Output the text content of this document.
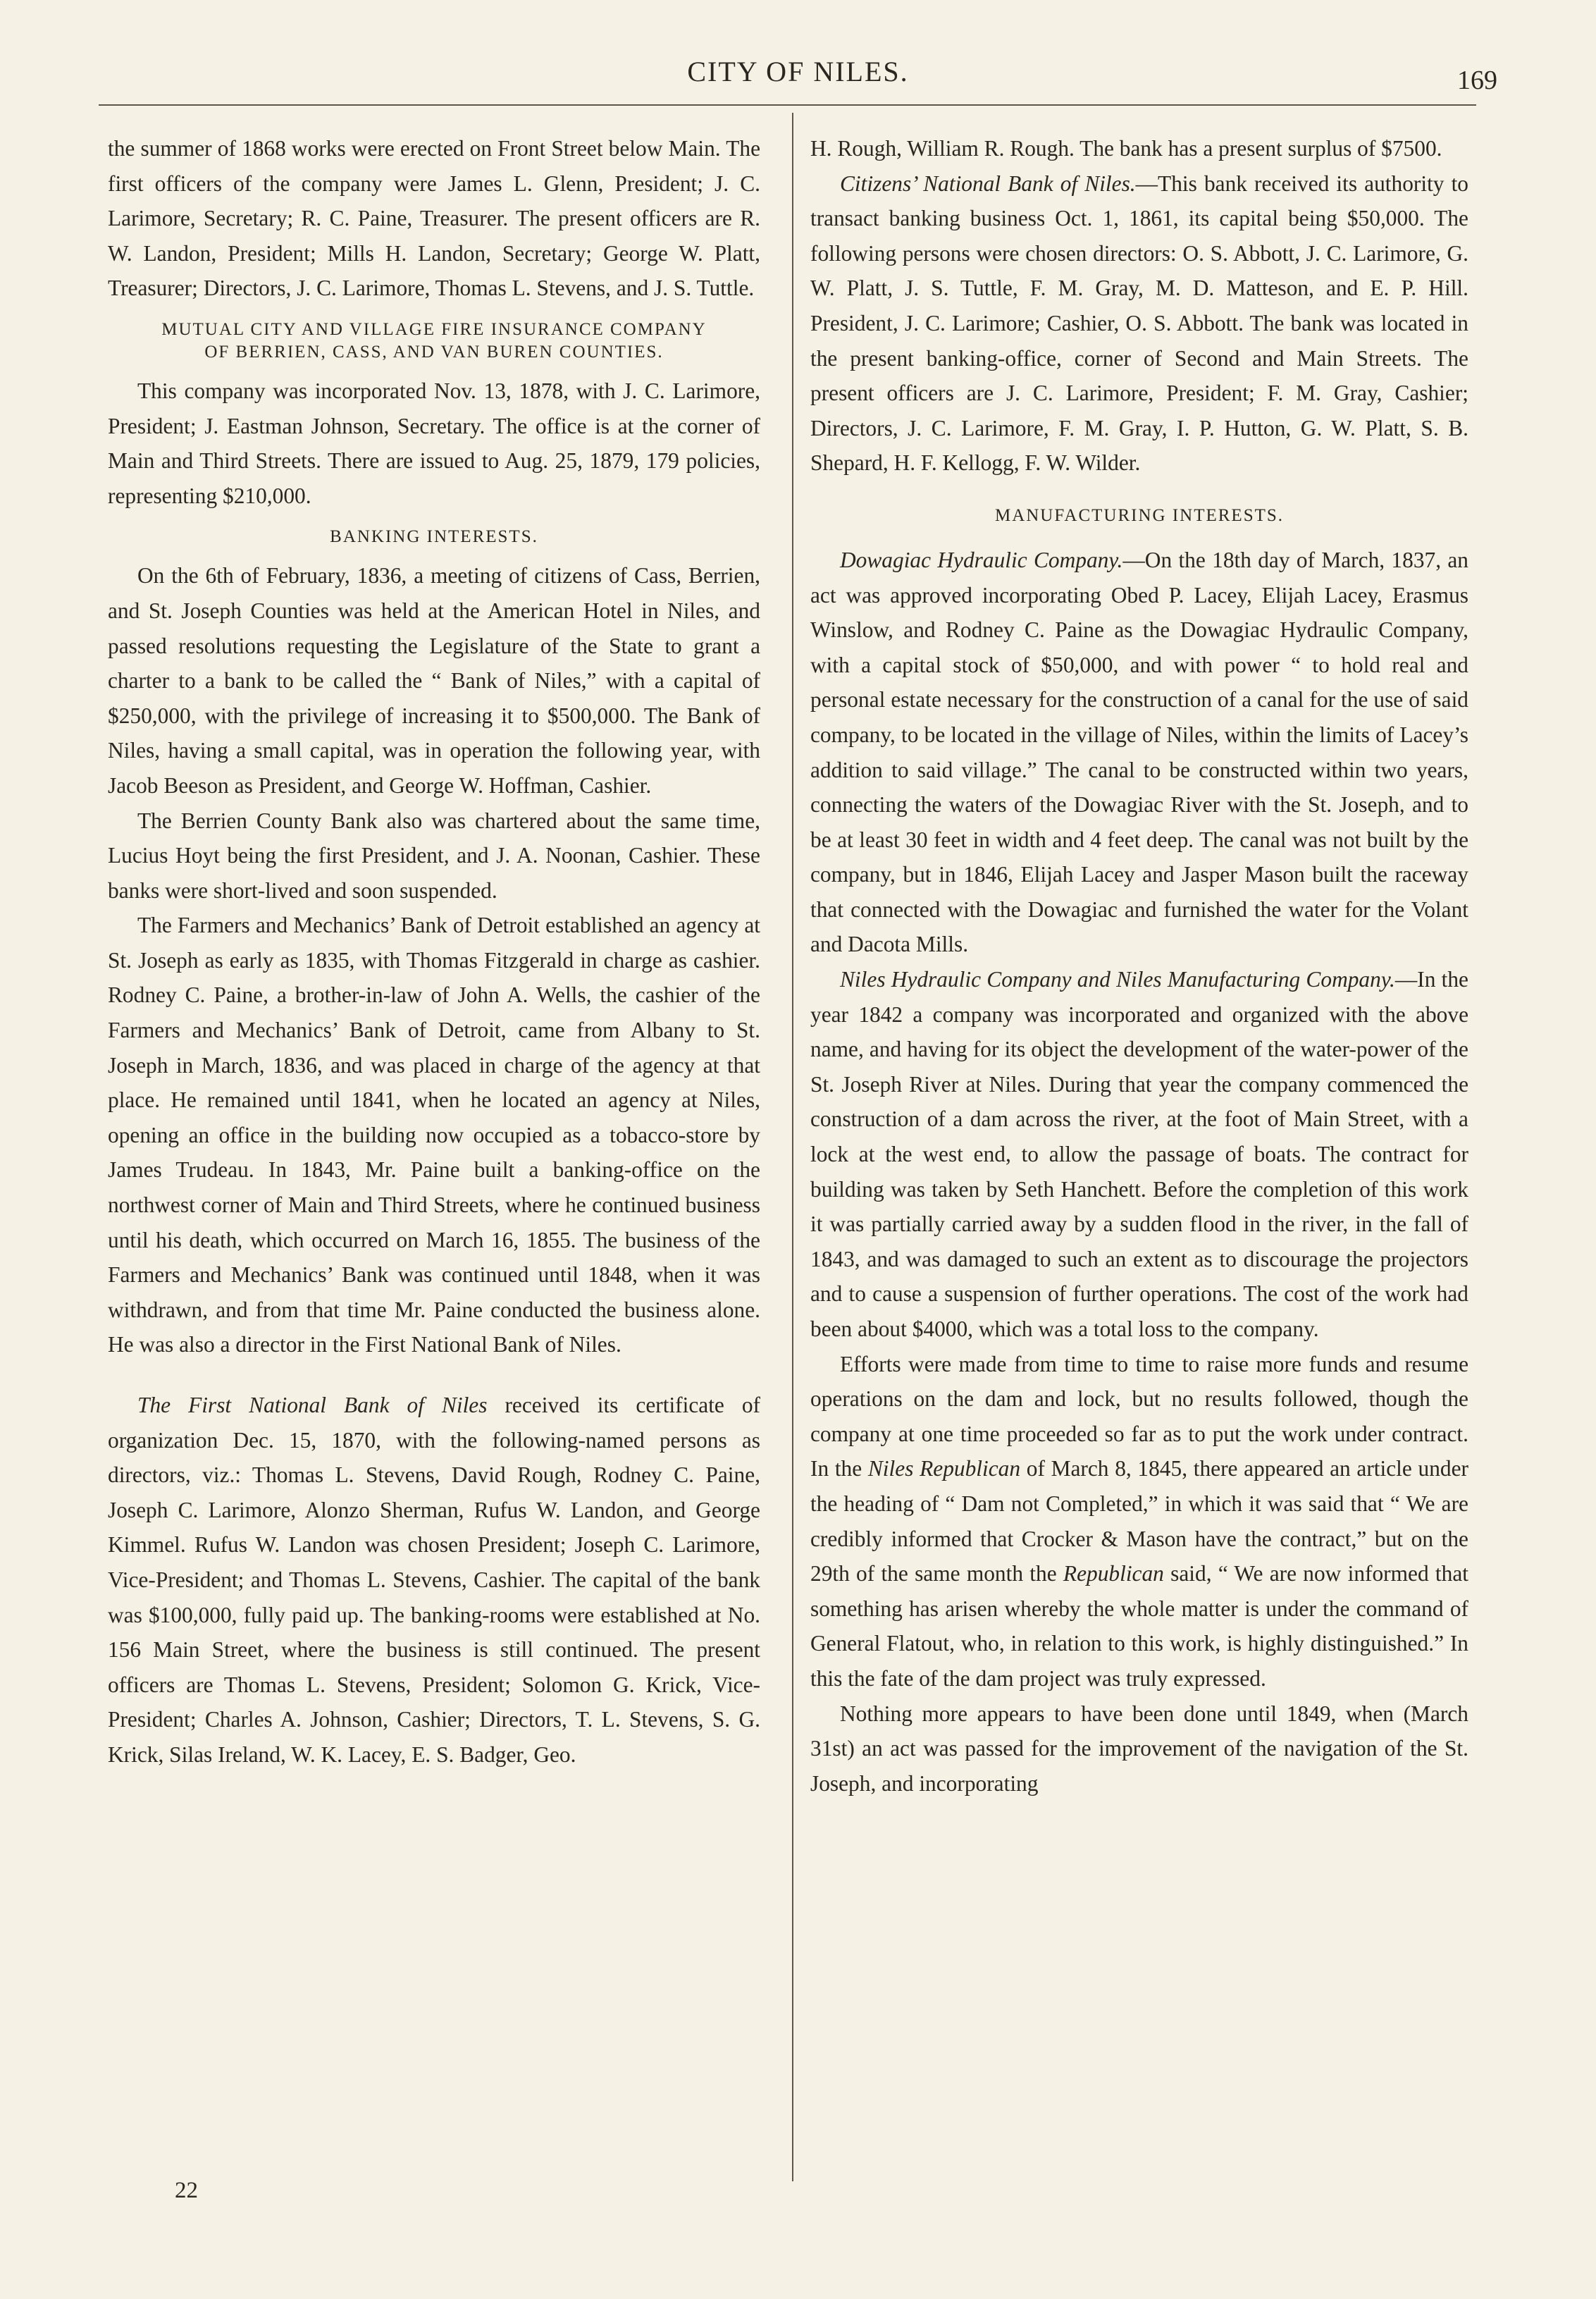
CITY OF NILES.	169

the summer of 1868 works were erected on Front Street below Main. The first officers of the company were James L. Glenn, President; J. C. Larimore, Secretary; R. C. Paine, Treasurer. The present officers are R. W. Landon, President; Mills H. Landon, Secretary; George W. Platt, Treasurer; Directors, J. C. Larimore, Thomas L. Stevens, and J. S. Tuttle.

MUTUAL CITY AND VILLAGE FIRE INSURANCE COMPANY
OF BERRIEN, CASS, AND VAN BUREN COUNTIES.

This company was incorporated Nov. 13, 1878, with J. C. Larimore, President; J. Eastman Johnson, Secretary. The office is at the corner of Main and Third Streets. There are issued to Aug. 25, 1879, 179 policies, representing $210,000.

BANKING INTERESTS.

On the 6th of February, 1836, a meeting of citizens of Cass, Berrien, and St. Joseph Counties was held at the American Hotel in Niles, and passed resolutions requesting the Legislature of the State to grant a charter to a bank to be called the “ Bank of Niles,” with a capital of $250,000, with the privilege of increasing it to $500,000. The Bank of Niles, having a small capital, was in operation the following year, with Jacob Beeson as President, and George W. Hoffman, Cashier.

The Berrien County Bank also was chartered about the same time, Lucius Hoyt being the first President, and J. A. Noonan, Cashier. These banks were short-lived and soon suspended.

The Farmers and Mechanics’ Bank of Detroit established an agency at St. Joseph as early as 1835, with Thomas Fitzgerald in charge as cashier. Rodney C. Paine, a brother-in-law of John A. Wells, the cashier of the Farmers and Mechanics’ Bank of Detroit, came from Albany to St. Joseph in March, 1836, and was placed in charge of the agency at that place. He remained until 1841, when he located an agency at Niles, opening an office in the building now occupied as a tobacco-store by James Trudeau. In 1843, Mr. Paine built a banking-office on the northwest corner of Main and Third Streets, where he continued business until his death, which occurred on March 16, 1855. The business of the Farmers and Mechanics’ Bank was continued until 1848, when it was withdrawn, and from that time Mr. Paine conducted the business alone. He was also a director in the First National Bank of Niles.

The First National Bank of Niles received its certificate of organization Dec. 15, 1870, with the following-named persons as directors, viz.: Thomas L. Stevens, David Rough, Rodney C. Paine, Joseph C. Larimore, Alonzo Sherman, Rufus W. Landon, and George Kimmel. Rufus W. Landon was chosen President; Joseph C. Larimore, Vice-President; and Thomas L. Stevens, Cashier. The capital of the bank was $100,000, fully paid up. The banking-rooms were established at No. 156 Main Street, where the business is still continued. The present officers are Thomas L. Stevens, President; Solomon G. Krick, Vice-President; Charles A. Johnson, Cashier; Directors, T. L. Stevens, S. G. Krick, Silas Ireland, W. K. Lacey, E. S. Badger, Geo.

22

H. Rough, William R. Rough. The bank has a present surplus of $7500.

Citizens’ National Bank of Niles.—This bank received its authority to transact banking business Oct. 1, 1861, its capital being $50,000. The following persons were chosen directors: O. S. Abbott, J. C. Larimore, G. W. Platt, J. S. Tuttle, F. M. Gray, M. D. Matteson, and E. P. Hill. President, J. C. Larimore; Cashier, O. S. Abbott. The bank was located in the present banking-office, corner of Second and Main Streets. The present officers are J. C. Larimore, President; F. M. Gray, Cashier; Directors, J. C. Larimore, F. M. Gray, I. P. Hutton, G. W. Platt, S. B. Shepard, H. F. Kellogg, F. W. Wilder.

MANUFACTURING INTERESTS.

Dowagiac Hydraulic Company.—On the 18th day of March, 1837, an act was approved incorporating Obed P. Lacey, Elijah Lacey, Erasmus Winslow, and Rodney C. Paine as the Dowagiac Hydraulic Company, with a capital stock of $50,000, and with power “ to hold real and personal estate necessary for the construction of a canal for the use of said company, to be located in the village of Niles, within the limits of Lacey’s addition to said village.” The canal to be constructed within two years, connecting the waters of the Dowagiac River with the St. Joseph, and to be at least 30 feet in width and 4 feet deep. The canal was not built by the company, but in 1846, Elijah Lacey and Jasper Mason built the raceway that connected with the Dowagiac and furnished the water for the Volant and Dacota Mills.

Niles Hydraulic Company and Niles Manufacturing Company.—In the year 1842 a company was incorporated and organized with the above name, and having for its object the development of the water-power of the St. Joseph River at Niles. During that year the company commenced the construction of a dam across the river, at the foot of Main Street, with a lock at the west end, to allow the passage of boats. The contract for building was taken by Seth Hanchett. Before the completion of this work it was partially carried away by a sudden flood in the river, in the fall of 1843, and was damaged to such an extent as to discourage the projectors and to cause a suspension of further operations. The cost of the work had been about $4000, which was a total loss to the company.

Efforts were made from time to time to raise more funds and resume operations on the dam and lock, but no results followed, though the company at one time proceeded so far as to put the work under contract. In the Niles Republican of March 8, 1845, there appeared an article under the heading of “ Dam not Completed,” in which it was said that “ We are credibly informed that Crocker & Mason have the contract,” but on the 29th of the same month the Republican said, “ We are now informed that something has arisen whereby the whole matter is under the command of General Flatout, who, in relation to this work, is highly distinguished.” In this the fate of the dam project was truly expressed.

Nothing more appears to have been done until 1849, when (March 31st) an act was passed for the improvement of the navigation of the St. Joseph, and incorporating
